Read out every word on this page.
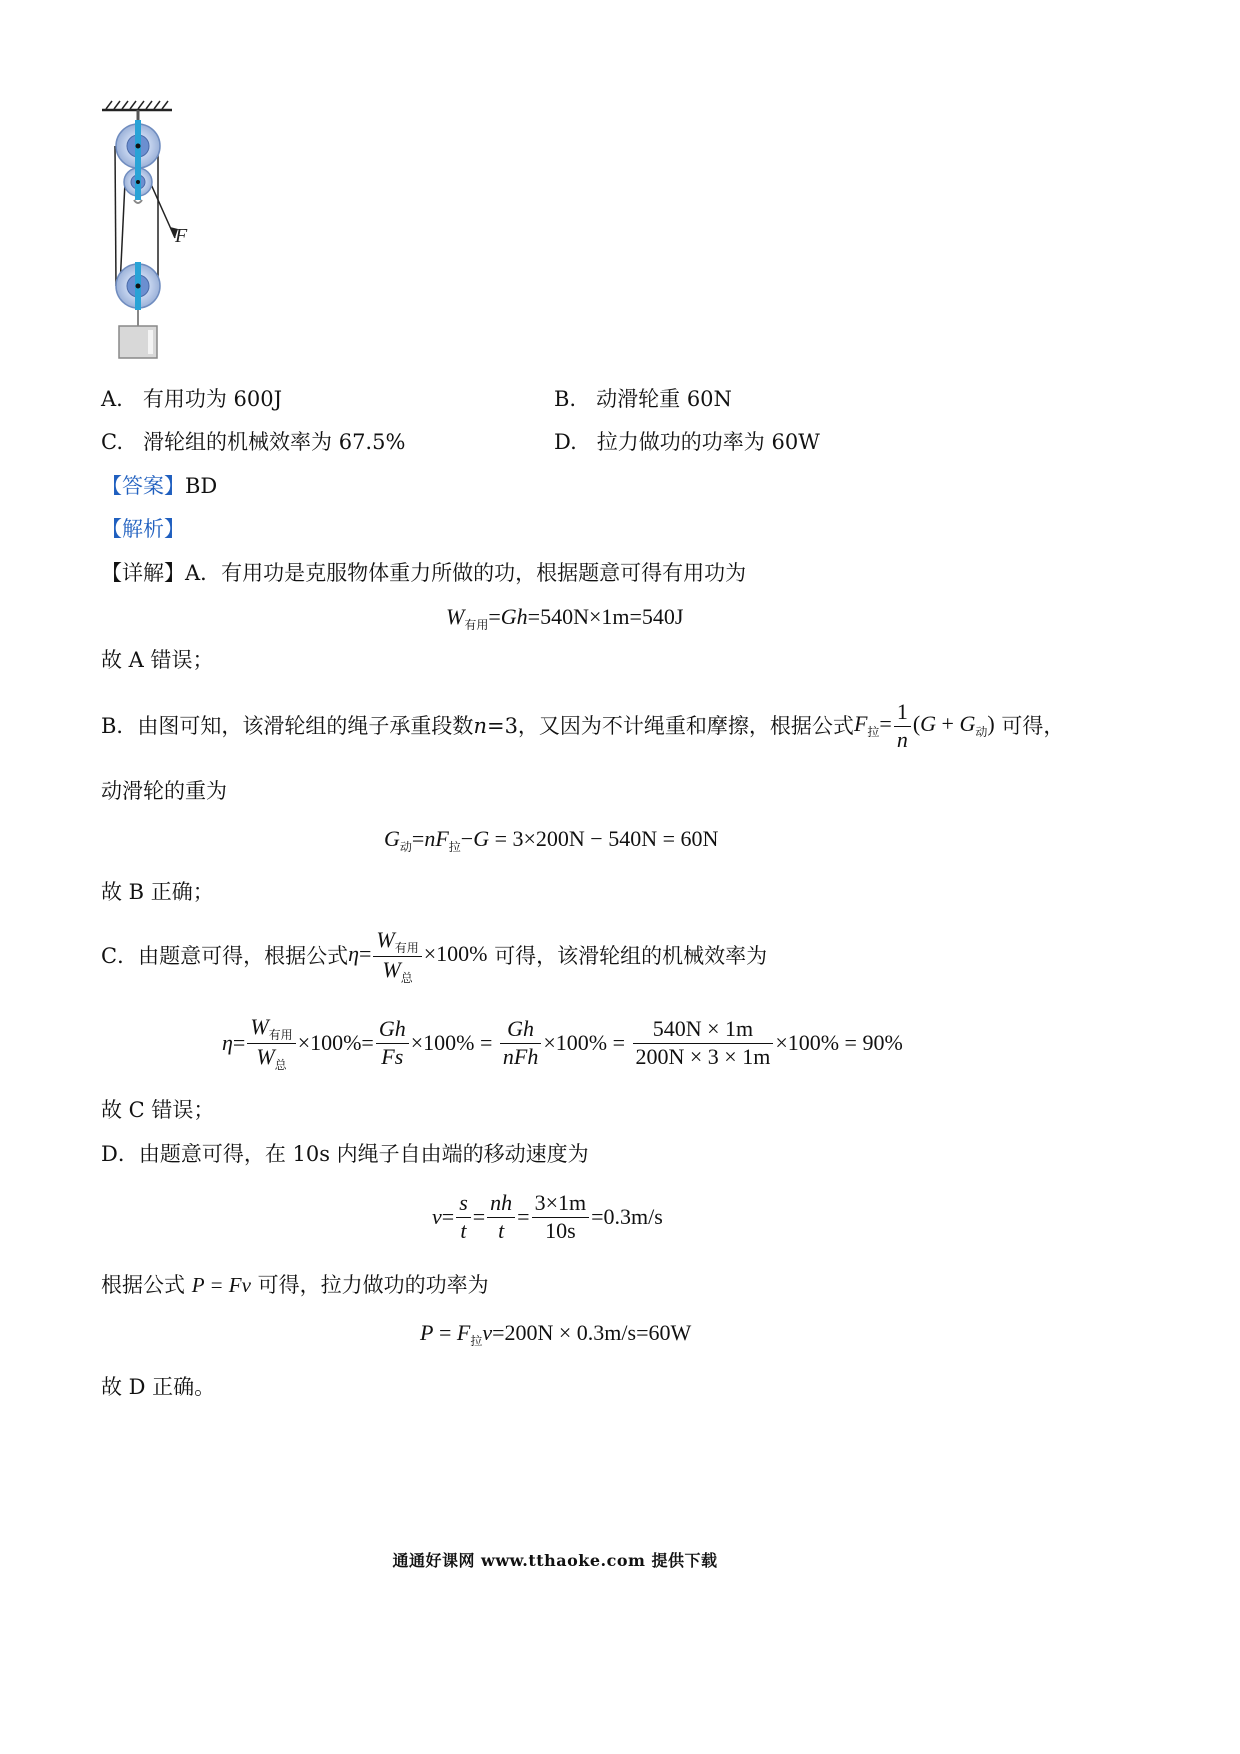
F
A. 有用功为 600J	B. 动滑轮重 60N
C. 滑轮组的机械效率为 67.5%	D. 拉力做功的功率为 60W
【答案】BD
【解析】
【详解】A．有用功是克服物体重力所做的功，根据题意可得有用功为
$W_{有用}=Gh=540N\times 1m=540J$
故 A 错误；
B．由图可知，该滑轮组的绳子承重段数 n =3，又因为不计绳重和摩擦，根据公式 $F_拉= \frac{1}{n} (G + G_动)$
可得，
动滑轮的重为
$G_动=nF_拉-G = 3\times 200N - 540N = 60N$
故 B 正确；
C．由题意可得，根据公式 $\eta= \frac{W_{有用}}{W_总} \times 100\%$
可得，该滑轮组的机械效率为
$\eta = \frac{W_{有用}}{W_总} \times 100\% = \frac{Gh}{Fs} \times 100\% = \frac{Gh}{\text{nFh}} \times 100\% = \frac{540N \times 1m}{200N \times 3 \times 1m} \times 100\% = 90\%$
故 C 错误；
D．由题意可得，在 10s 内绳子自由端的移动速度为
$v = \frac{s}{t} = \frac{nh}{t} = \frac{3\times 1m}{10s} =0.3m/s$
根据公式 P = Fv 可得，拉力做功的功率为
$P = F_拉v=200N \times 0.3m/s=60W$
故 D 正确。
通通好课网 www.tthaoke.com 提供下载
